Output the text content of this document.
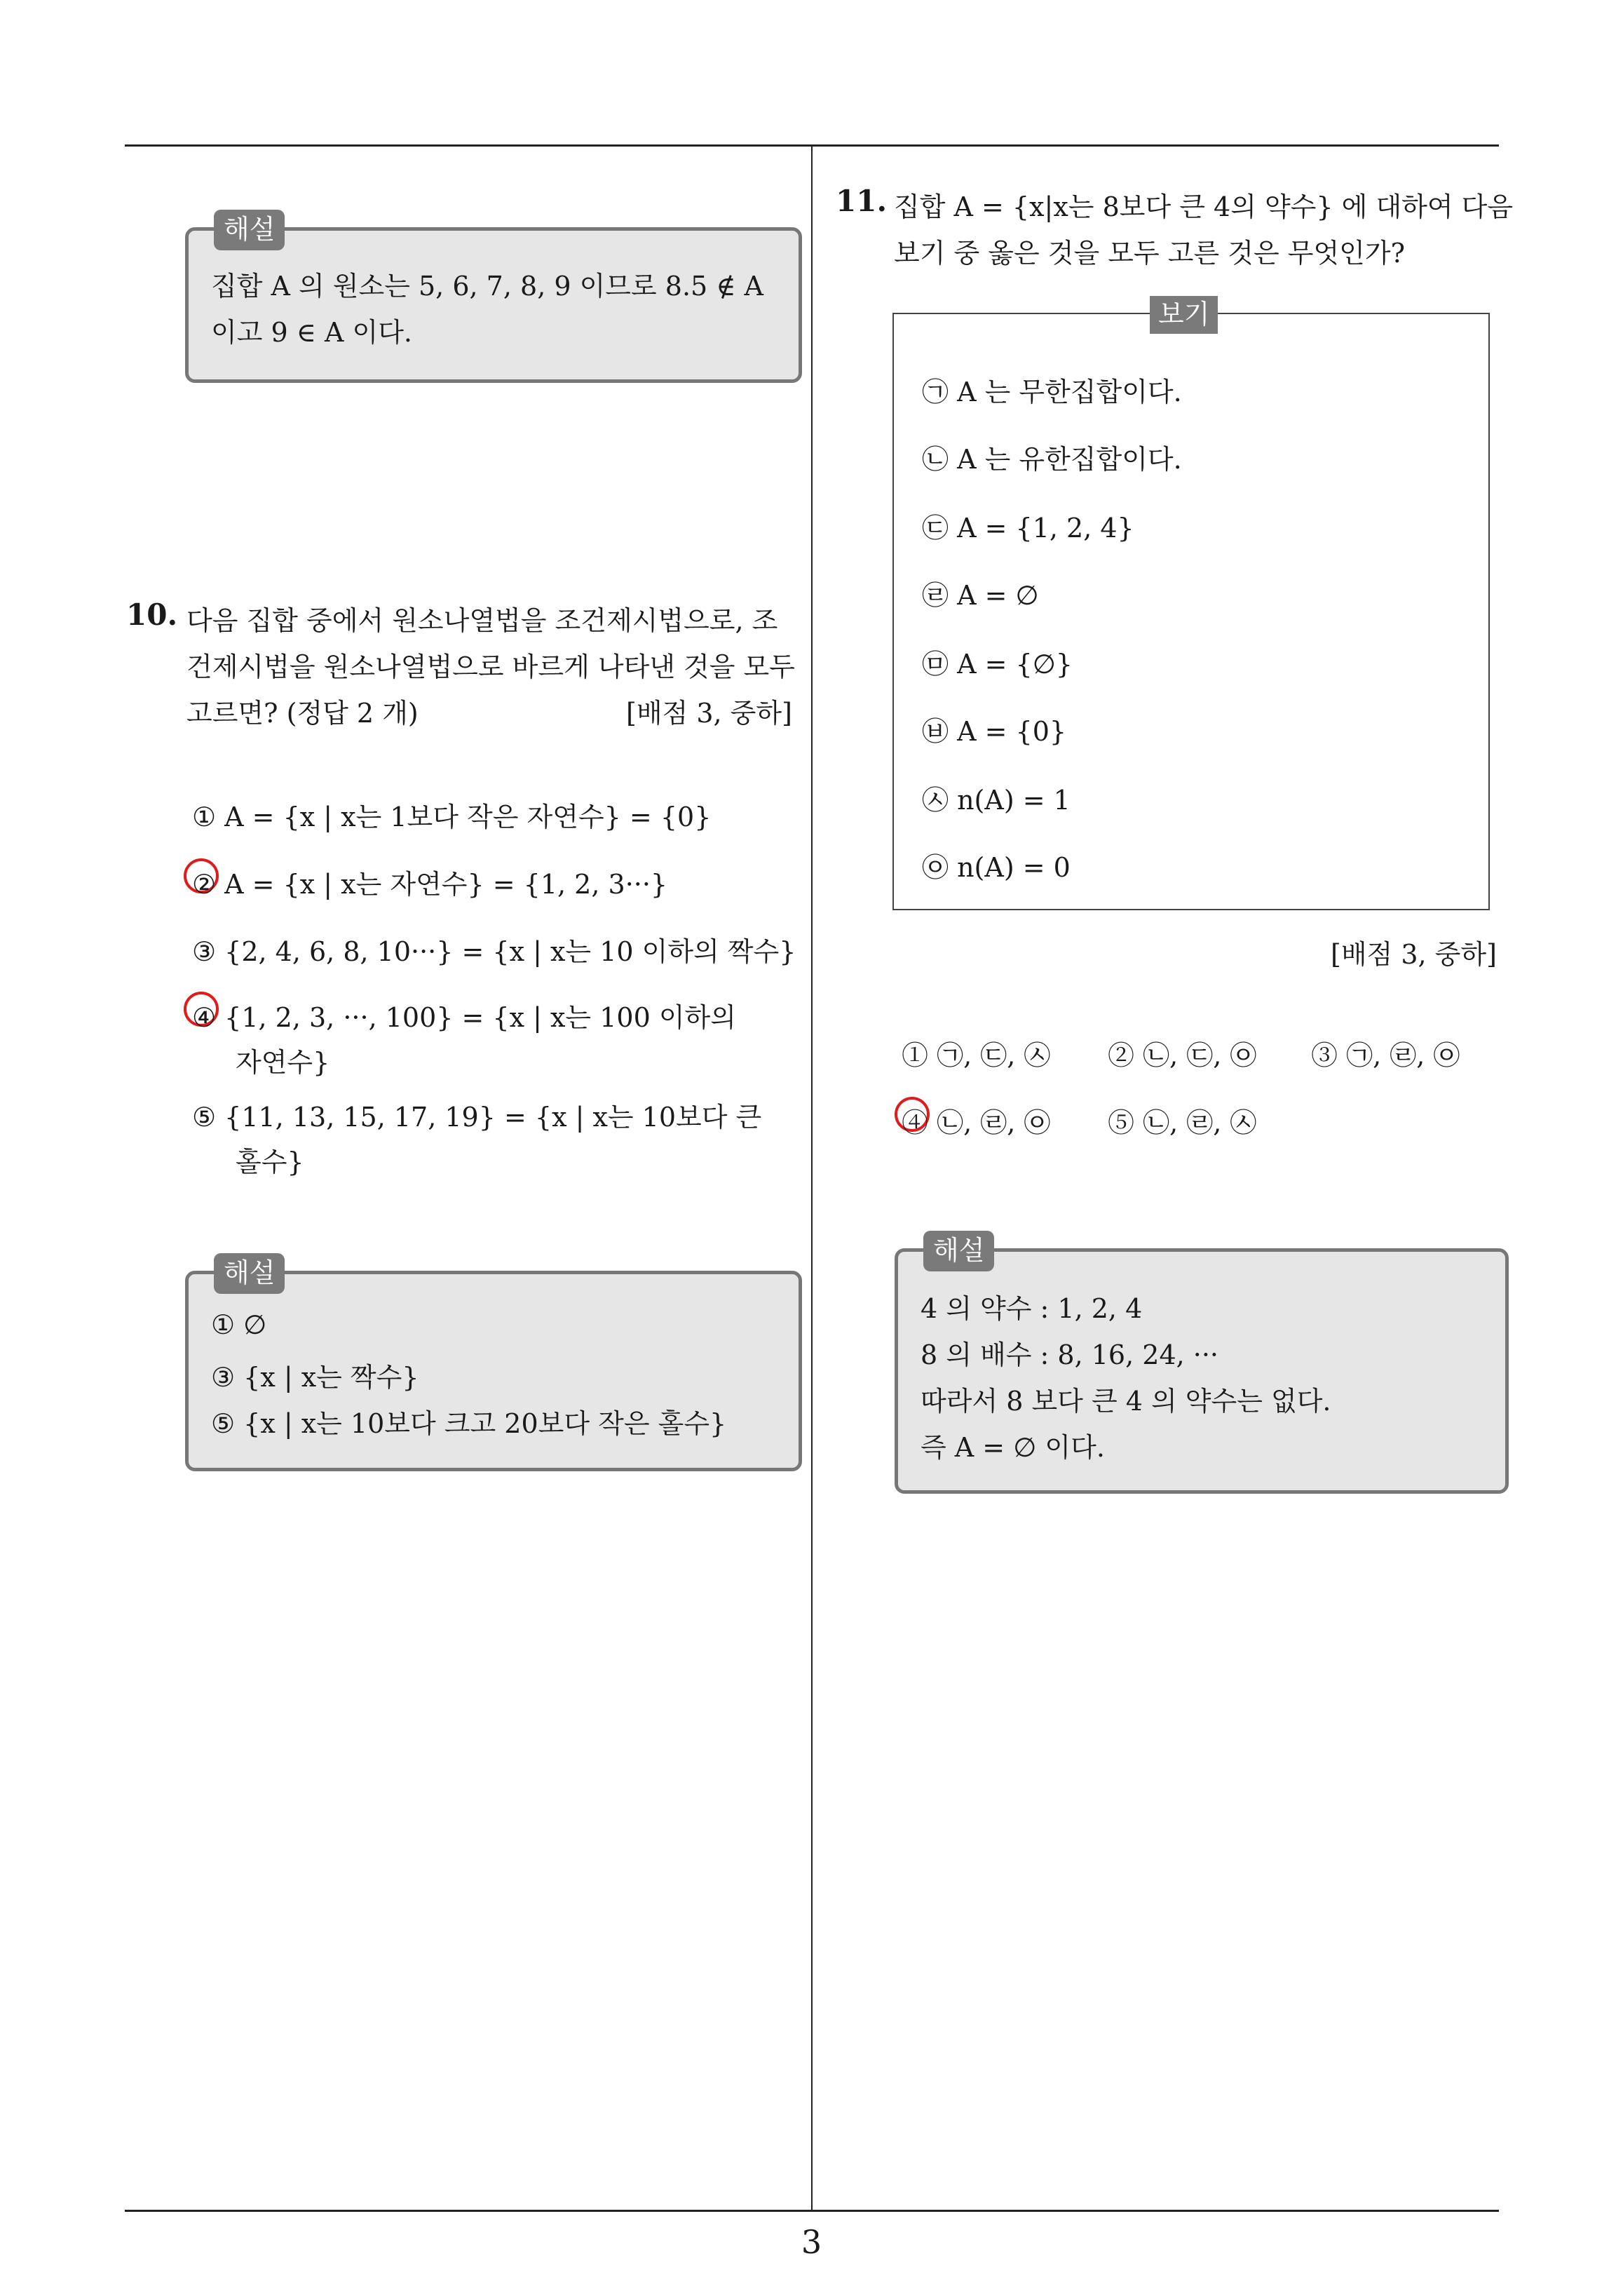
해설
집합 A 의 원소는 5, 6, 7, 8, 9 이므로 8.5 ∉ A
이고 9 ∈ A 이다.
10. 다음 집합 중에서 원소나열법을 조건제시법으로, 조
건제시법을 원소나열법으로 바르게 나타낸 것을 모두
고르면? (정답 2 개)	[배점 3, 중하]
① A = {x | x는 1보다 작은 자연수} = {0}
② A = {x | x는 자연수} = {1, 2, 3···}
③ {2, 4, 6, 8, 10···} = {x | x는 10 이하의 짝수}
④ {1, 2, 3, ···, 100} = {x | x는 100 이하의
자연수}
⑤ {11, 13, 15, 17, 19} = {x | x는 10보다 큰
홀수}
해설
① ∅
③ {x | x는 짝수}
⑤ {x | x는 10보다 크고 20보다 작은 홀수}
11. 집합 A = {x|x는 8보다 큰 4의 약수} 에 대하여 다음
보기 중 옳은 것을 모두 고른 것은 무엇인가?
보기
㉠ A 는 무한집합이다.
㉡ A 는 유한집합이다.
㉢ A = {1, 2, 4}
㉣ A = ∅
㉤ A = {∅}
㉥ A = {0}
㉦ n(A) = 1
㉧ n(A) = 0
[배점 3, 중하]
① ㉠, ㉢, ㉦ ② ㉡, ㉢, ㉧ ③ ㉠, ㉣, ㉧
④ ㉡, ㉣, ㉧ ⑤ ㉡, ㉣, ㉦
해설
4 의 약수 : 1, 2, 4
8 의 배수 : 8, 16, 24, ···
따라서 8 보다 큰 4 의 약수는 없다.
즉 A = ∅ 이다.
3
